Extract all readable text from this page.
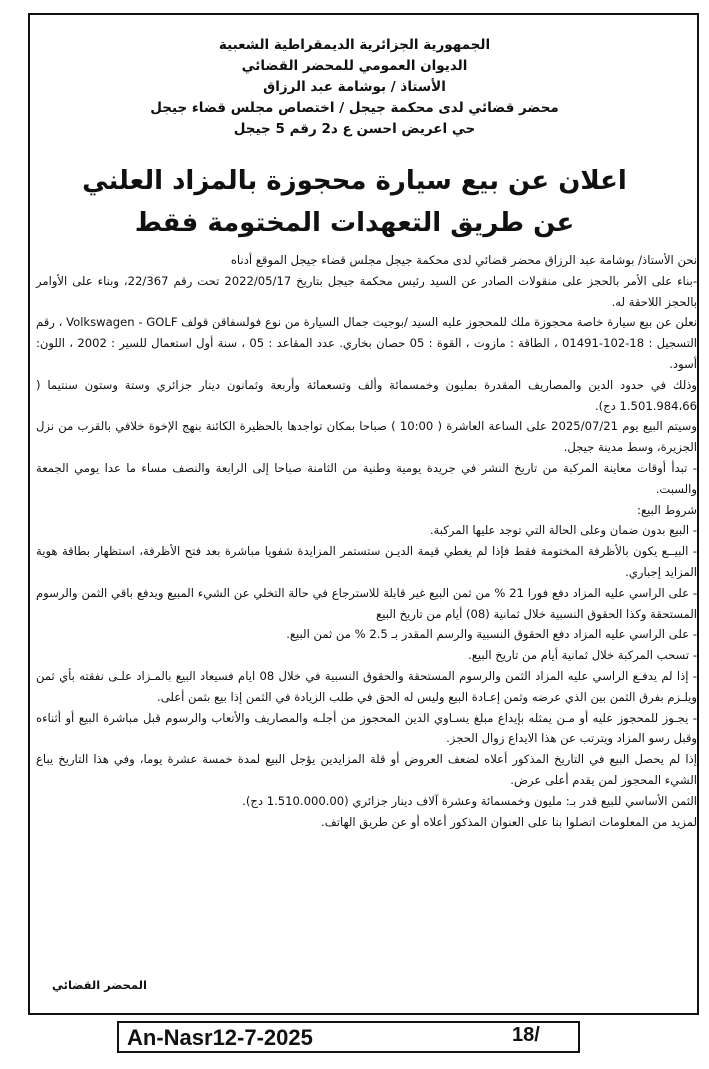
الجمهورية الجزائرية الديمقراطية الشعبية

الديوان العمومي للمحضر القضائي

الأستاذ / بوشامة عبد الرزاق

محضر قضائي لدى محكمة جيجل / اختصاص مجلس قضاء جيجل

حي اعريض احسن ع د2 رقم 5 جيجل

اعلان عن بيع سيارة محجوزة بالمزاد العلني
عن طريق التعهدات المختومة فقط

نحن الأستاذ/ بوشامة عبد الرزاق محضر قضائي لدى محكمة جيجل مجلس قضاء جيجل الموقع أدناه

-بناء على الأمر بالحجز على منقولات الصادر عن السيد رئيس محكمة جيجل بتاريخ 2022/05/17 تحت رقم 22/367، وبناء على الأوامر بالحجز اللاحقة له.

نعلن عن بيع سيارة خاصة محجوزة ملك للمحجوز عليه السيد /بوجيت جمال السيارة من نوع فولسفاقن قولف Volkswagen - GOLF ، رقم التسجيل : 18-102-01491 ، الطاقة : مازوت ، القوة : 05 حصان بخاري. عدد المقاعد : 05 ، سنة أول استعمال للسير : 2002 ، اللون: أسود.

وذلك في حدود الدين والمصاريف المقدرة بمليون وخمسمائة وألف وتسعمائة وأربعة وثمانون دينار جزائري وستة وستون سنتيما ( 1.501.984،66 دج).

وسيتم البيع يوم 2025/07/21 على الساعة العاشرة ( 10:00 ) صباحا بمكان تواجدها بالحظيرة الكائنة بنهج الإخوة خلافي بالقرب من نزل الجزيرة، وسط مدينة جيجل.

- تبدأ أوقات معاينة المركبة من تاريخ النشر في جريدة يومية وطنية من الثامنة صباحا إلى الرابعة والنصف مساء ما عدا يومي الجمعة والسبت.

شروط البيع:

- البيع بدون ضمان وعلى الحالة التي توجد عليها المركبة.

- البيــع يكون بالأظرفة المختومة فقط فإذا لم يغطي قيمة الديـن ستستمر المزايدة شفويا مباشرة بعد فتح الأظرفة، استظهار بطاقة هوية المزايد إجباري.

- على الراسي عليه المزاد دفع فورا 21 % من ثمن البيع غير قابلة للاسترجاع في حالة التخلي عن الشيء المبيع ويدفع باقي الثمن والرسوم المستحقة وكذا الحقوق النسبية خلال ثمانية (08) أيام من تاريخ البيع

- على الراسي عليه المزاد دفع الحقوق النسبية والرسم المقدر بـ 2.5 % من ثمن البيع.

- تسحب المركبة خلال ثمانية أيام من تاريخ البيع.

- إذا لم يدفـع الراسي عليه المزاد الثمن والرسوم المستحقة والحقوق النسبية في خلال 08 ايام فسيعاد البيع بالمـزاد علـى نفقته بأي ثمن ويلـزم بفرق الثمن بين الذي عرضه وثمن إعـادة البيع وليس له الحق في طلب الزيادة في الثمن إذا بيع بثمن أعلى.

- يجـوز للمحجوز عليه أو مـن يمثله بإيداع مبلغ يسـاوي الدين المحجوز من أجلـه والمصاريف والأتعاب والرسوم قبل مباشرة البيع أو أثناءه وقبل رسو المزاد ويترتب عن هذا الايداع زوال الحجز.

إذا لم يحصل البيع في التاريخ المذكور أعلاه لضعف العروض أو قلة المزايدين يؤجل البيع لمدة خمسة عشرة يوما، وفي هذا التاريخ يباع الشيء المحجوز لمن يقدم أعلى عرض.

الثمن الأساسي للبيع قدر بـ: مليون وخمسمائة وعشرة آلاف دينار جزائري (1.510.000.00 دج).

لمزيد من المعلومات اتصلوا بنا على العنوان المذكور أعلاه أو عن طريق الهاتف.

المحضر القضائي
An-Nasr12-7-2025	18/
